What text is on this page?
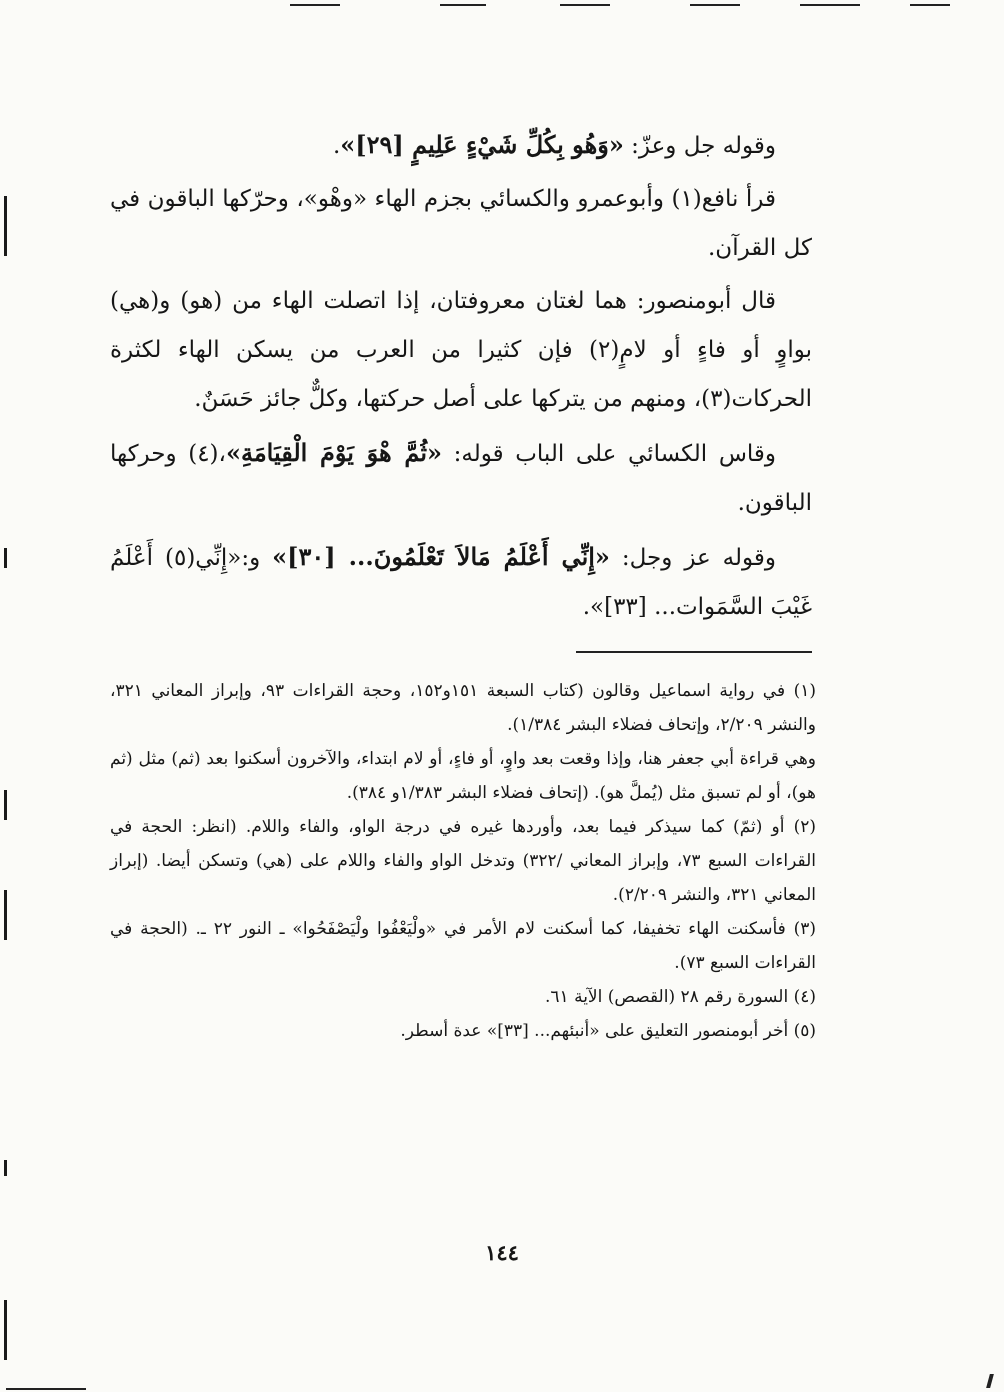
وقوله جل وعزّ: «وَهُو بِكُلِّ شَيْءٍ عَلِيمٍ [٢٩]».

قرأ نافع(١) وأبوعمرو والكسائي بجزم الهاء «وهْو»، وحرّكها الباقون في كل القرآن.

قال أبومنصور: هما لغتان معروفتان، إذا اتصلت الهاء من (هو) و(هي) بواوٍ أو فاءٍ أو لامٍ(٢) فإن كثيرا من العرب من يسكن الهاء لكثرة الحركات(٣)، ومنهم من يتركها على أصل حركتها، وكلٌّ جائز حَسَنٌ.

وقاس الكسائي على الباب قوله: «ثُمَّ هْوَ يَوْمَ الْقِيَامَةِ»،(٤) وحركها الباقون.

وقوله عز وجل: «إِنِّي أَعْلَمُ مَالاَ تَعْلَمُونَ... [٣٠]» و:«إِنِّي(٥) أَعْلَمُ غَيْبَ السَّمَوات... [٣٣]».

(١) في رواية اسماعيل وقالون (كتاب السبعة ١٥١و١٥٢، وحجة القراءات ٩٣، وإبراز المعاني ٣٢١، والنشر ٢/٢٠٩، وإتحاف فضلاء البشر ١/٣٨٤).

وهي قراءة أبي جعفر هنا، وإذا وقعت بعد واوٍ، أو فاءٍ، أو لام ابتداء، والآخرون أسكنوا بعد (ثم) مثل (ثم هو)، أو لم تسبق مثل (يُملَّ هو). (إتحاف فضلاء البشر ١/٣٨٣و ٣٨٤).

(٢) أو (ثمّ) كما سيذكر فيما بعد، وأوردها غيره في درجة الواو، والفاء واللام. (انظر: الحجة في القراءات السبع ٧٣، وإبراز المعاني /٣٢٢) وتدخل الواو والفاء واللام على (هي) وتسكن أيضا. (إبراز المعاني ٣٢١، والنشر ٢/٢٠٩).

(٣) فأسكنت الهاء تخفيفا، كما أسكنت لام الأمر في «ولْيَعْفُوا ولْيَصْفَحُوا» ـ النور ٢٢ ـ. (الحجة في القراءات السبع ٧٣).

(٤) السورة رقم ٢٨ (القصص) الآية ٦١.

(٥) أخر أبومنصور التعليق على «أنبئهم... [٣٣]» عدة أسطر.

١٤٤
